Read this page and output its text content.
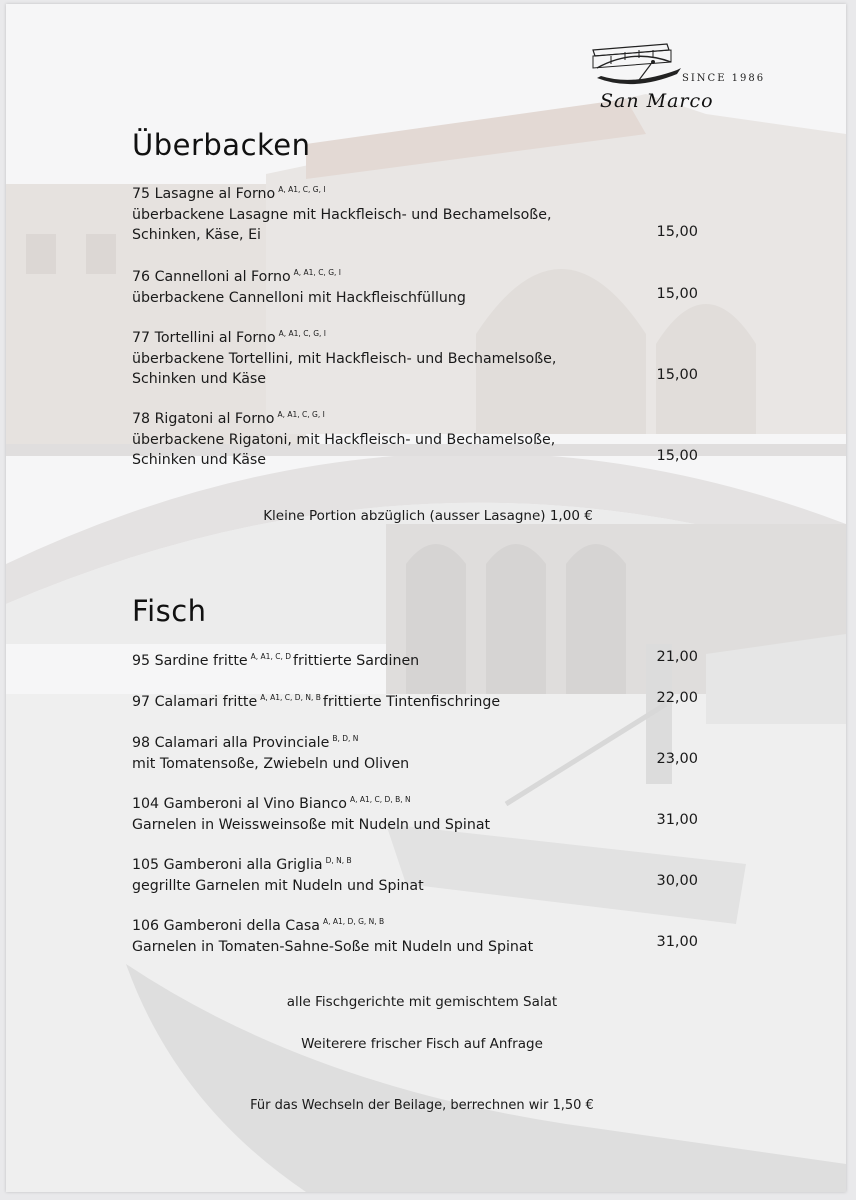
SINCE 1986
San Marco
Überbacken
75 Lasagne al Forno $^{A, A1, C, G, I}$
überbackene Lasagne mit Hackfleisch- und Bechamelsoße,
Schinken, Käse, Ei	15,00
76 Cannelloni al Forno $^{A, A1, C, G, I}$
überbackene Cannelloni mit Hackfleischfüllung	15,00
77 Tortellini al Forno $^{A, A1, C, G, I}$
überbackene Tortellini, mit Hackfleisch- und Bechamelsoße,
Schinken und Käse	15,00
78 Rigatoni al Forno $^{A, A1, C, G, I}$
überbackene Rigatoni, mit Hackfleisch- und Bechamelsoße,
Schinken und Käse	15,00
Kleine Portion abzüglich (ausser Lasagne) 1,00 €
Fisch
95 Sardine fritte $^{A, A1, C, D}$ frittierte Sardinen	21,00
97 Calamari fritte $^{A, A1, C, D, N, B}$ frittierte Tintenfischringe	22,00
98 Calamari alla Provinciale $^{B, D, N}$
mit Tomatensoße, Zwiebeln und Oliven	23,00
104 Gamberoni al Vino Bianco $^{A, A1, C, D, B, N}$
Garnelen in Weissweinsoße mit Nudeln und Spinat	31,00
105 Gamberoni alla Griglia $^{D, N, B}$
gegrillte Garnelen mit Nudeln und Spinat	30,00
106 Gamberoni della Casa $^{A, A1, D, G, N, B}$
Garnelen in Tomaten-Sahne-Soße mit Nudeln und Spinat	31,00
alle Fischgerichte mit gemischtem Salat
Weiterere frischer Fisch auf Anfrage
Für das Wechseln der Beilage, berrechnen wir 1,50 €
